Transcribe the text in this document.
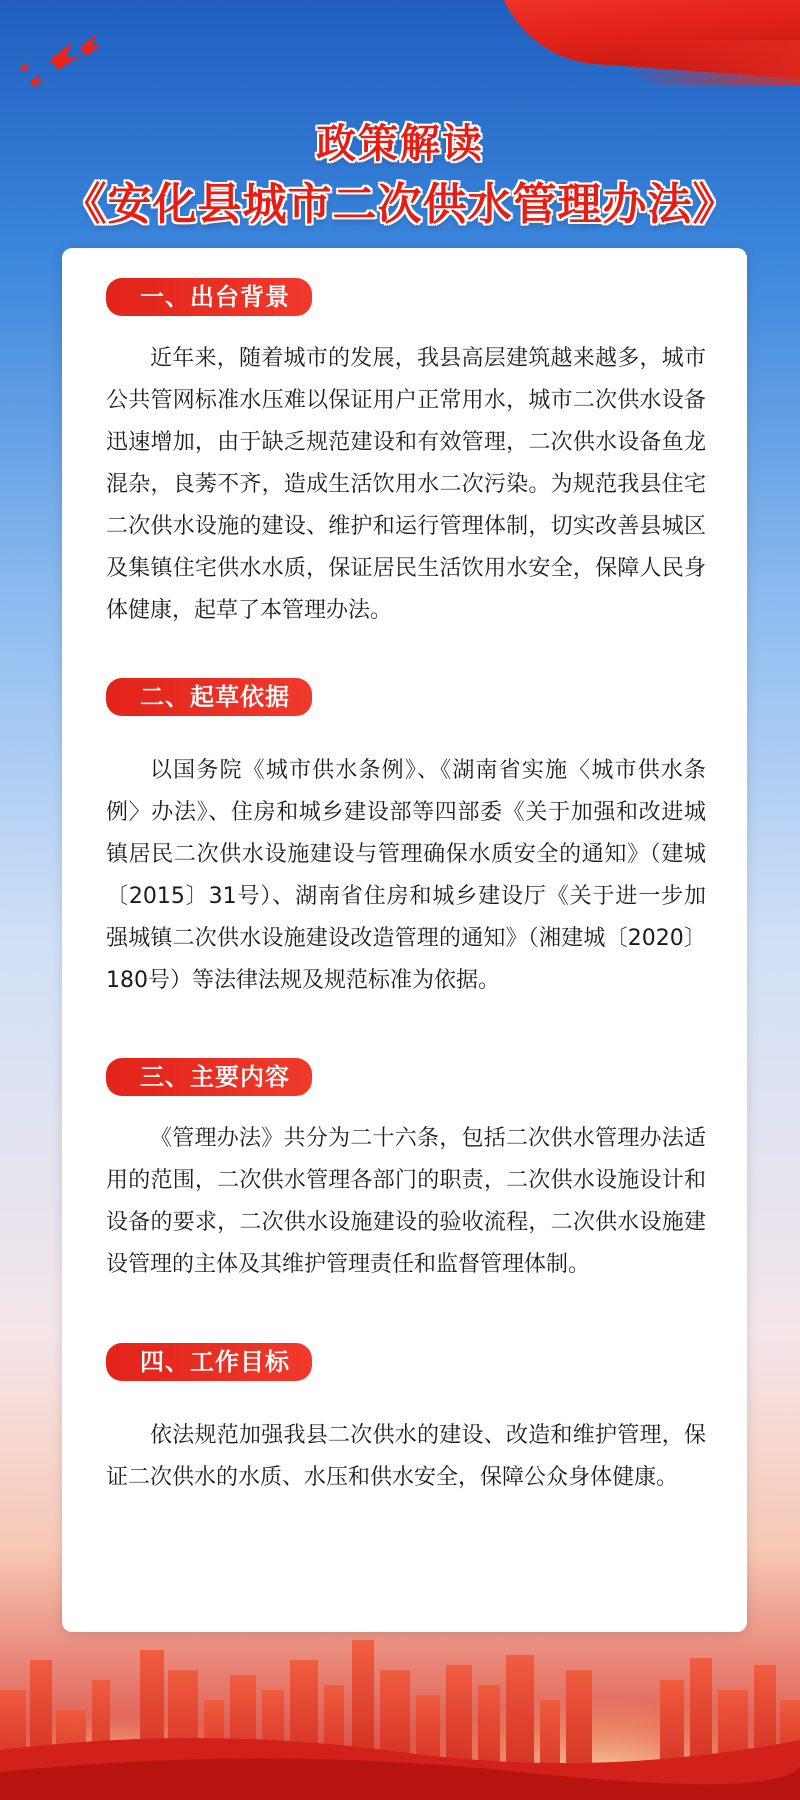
政策解读
《安化县城市二次供水管理办法》
一、出台背景
近年来，随着城市的发展，我县高层建筑越来越多，城市公共管网标准水压难以保证用户正常用水，城市二次供水设备迅速增加，由于缺乏规范建设和有效管理，二次供水设备鱼龙混杂，良莠不齐，造成生活饮用水二次污染。为规范我县住宅二次供水设施的建设、维护和运行管理体制，切实改善县城区及集镇住宅供水水质，保证居民生活饮用水安全，保障人民身体健康，起草了本管理办法。
二、起草依据
以国务院《城市供水条例》、《湖南省实施〈城市供水条例〉办法》、住房和城乡建设部等四部委《关于加强和改进城镇居民二次供水设施建设与管理确保水质安全的通知》（建城〔2015〕31号）、湖南省住房和城乡建设厅《关于进一步加强城镇二次供水设施建设改造管理的通知》（湘建城〔2020〕180号）等法律法规及规范标准为依据。
三、主要内容
《管理办法》共分为二十六条，包括二次供水管理办法适用的范围，二次供水管理各部门的职责，二次供水设施设计和设备的要求，二次供水设施建设的验收流程，二次供水设施建设管理的主体及其维护管理责任和监督管理体制。
四、工作目标
依法规范加强我县二次供水的建设、改造和维护管理，保证二次供水的水质、水压和供水安全，保障公众身体健康。
